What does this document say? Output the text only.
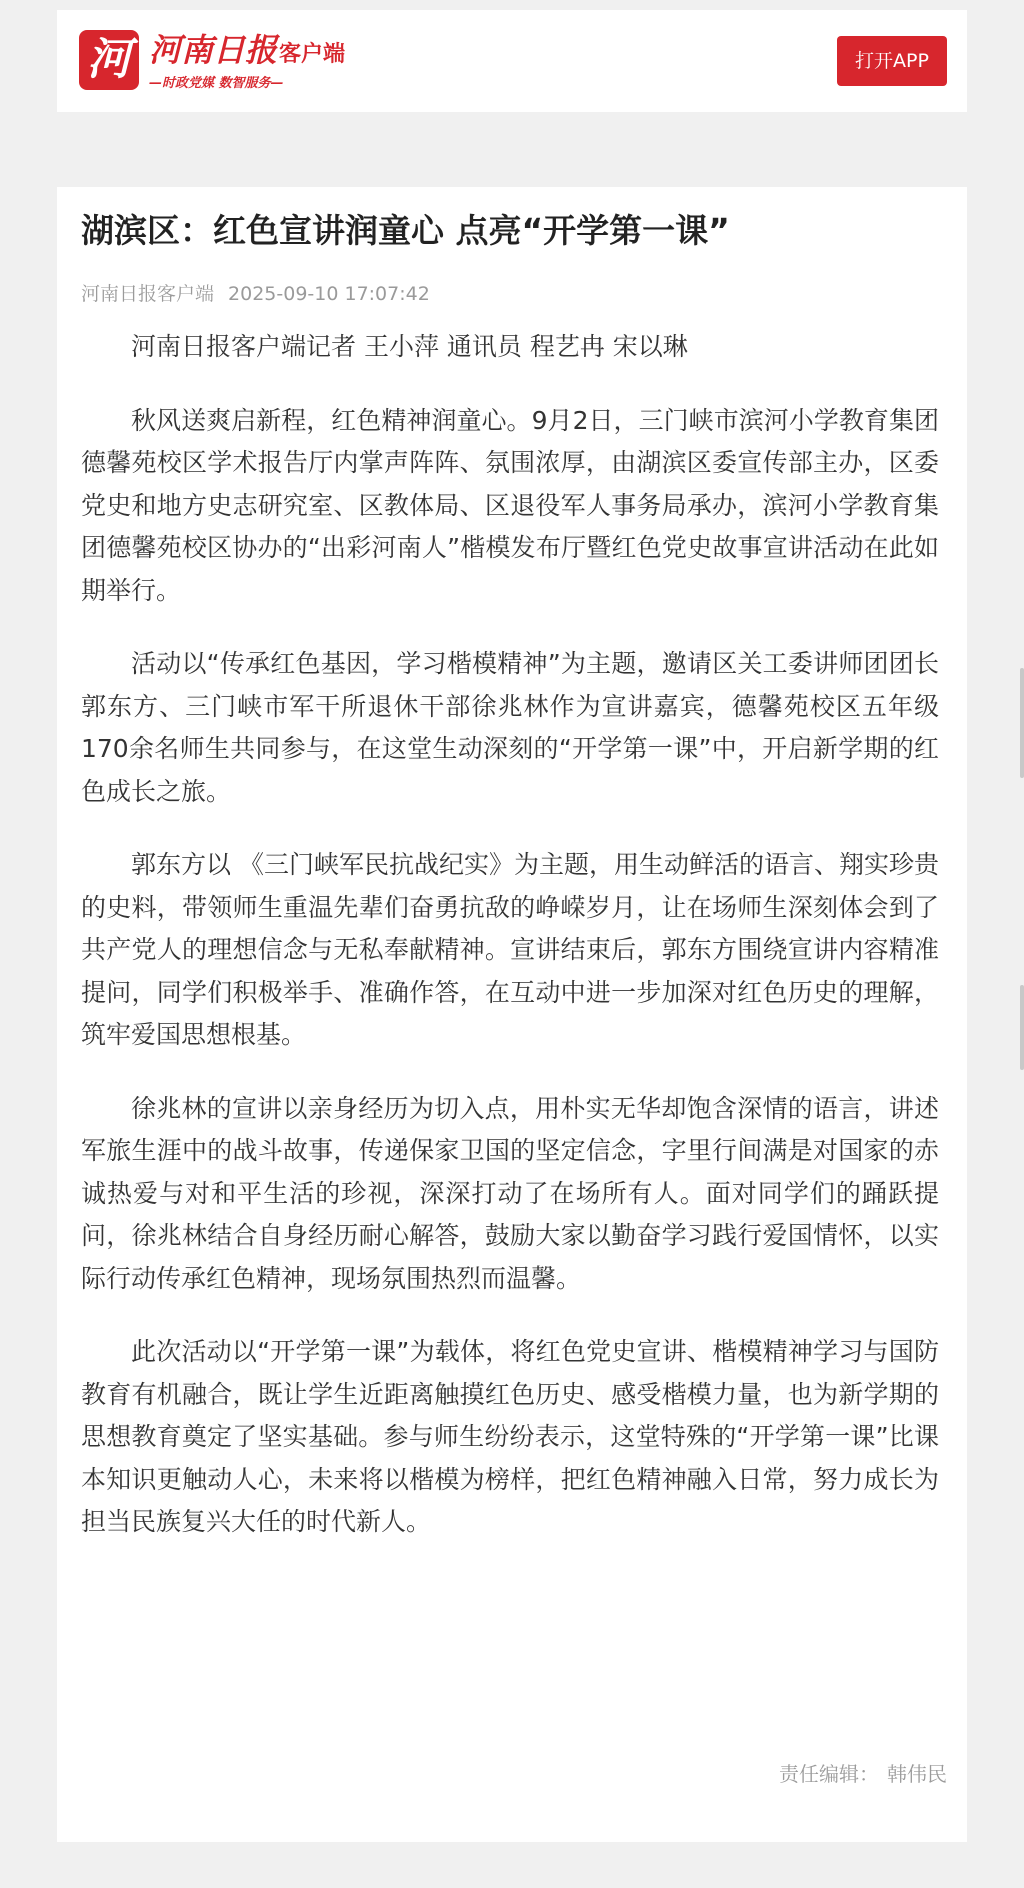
河 河南日报客户端
—时政党媒 数智服务—
打开APP
湖滨区：红色宣讲润童心 点亮“开学第一课”
河南日报客户端 2025-09-10 17:07:42

河南日报客户端记者 王小萍 通讯员 程艺冉 宋以琳

秋风送爽启新程，红色精神润童心。9月2日，三门峡市滨河小学教育集团德馨苑校区学术报告厅内掌声阵阵、氛围浓厚，由湖滨区委宣传部主办，区委党史和地方史志研究室、区教体局、区退役军人事务局承办，滨河小学教育集团德馨苑校区协办的“出彩河南人”楷模发布厅暨红色党史故事宣讲活动在此如期举行。

活动以“传承红色基因，学习楷模精神”为主题，邀请区关工委讲师团团长郭东方、三门峡市军干所退休干部徐兆林作为宣讲嘉宾，德馨苑校区五年级170余名师生共同参与，在这堂生动深刻的“开学第一课”中，开启新学期的红色成长之旅。

郭东方以 《三门峡军民抗战纪实》为主题，用生动鲜活的语言、翔实珍贵的史料，带领师生重温先辈们奋勇抗敌的峥嵘岁月，让在场师生深刻体会到了共产党人的理想信念与无私奉献精神。宣讲结束后，郭东方围绕宣讲内容精准提问，同学们积极举手、准确作答，在互动中进一步加深对红色历史的理解，筑牢爱国思想根基。

徐兆林的宣讲以亲身经历为切入点，用朴实无华却饱含深情的语言，讲述军旅生涯中的战斗故事，传递保家卫国的坚定信念，字里行间满是对国家的赤诚热爱与对和平生活的珍视，深深打动了在场所有人。面对同学们的踊跃提问，徐兆林结合自身经历耐心解答，鼓励大家以勤奋学习践行爱国情怀，以实际行动传承红色精神，现场氛围热烈而温馨。

此次活动以“开学第一课”为载体，将红色党史宣讲、楷模精神学习与国防教育有机融合，既让学生近距离触摸红色历史、感受楷模力量，也为新学期的思想教育奠定了坚实基础。参与师生纷纷表示，这堂特殊的“开学第一课”比课本知识更触动人心，未来将以楷模为榜样，把红色精神融入日常，努力成长为担当民族复兴大任的时代新人。

责任编辑： 韩伟民
